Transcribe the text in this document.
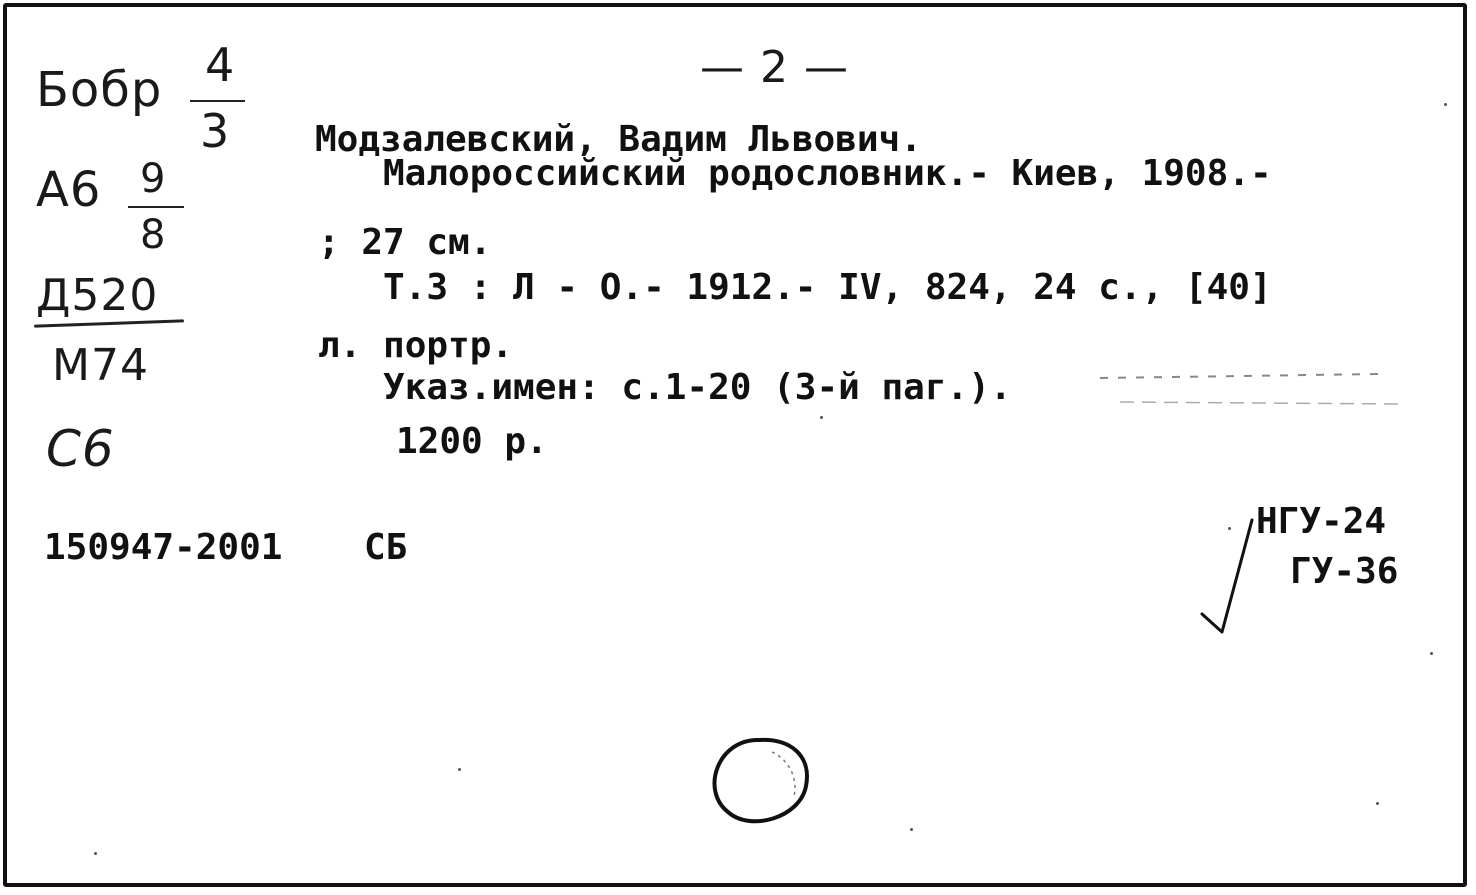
— 2 —
Бобр 4
3
А6 9
8
Д520
М74
С6
Модзалевский, Вадим Львович.
Малороссийский родословник.- Киев, 1908.-
; 27 см.
Т.3 : Л - О.- 1912.- IV, 824, 24 с., [40]
л. портр.
Указ.имен: с.1-20 (3-й паг.).
1200 р.
150947-2001 СБ
НГУ-24
ГУ-36
